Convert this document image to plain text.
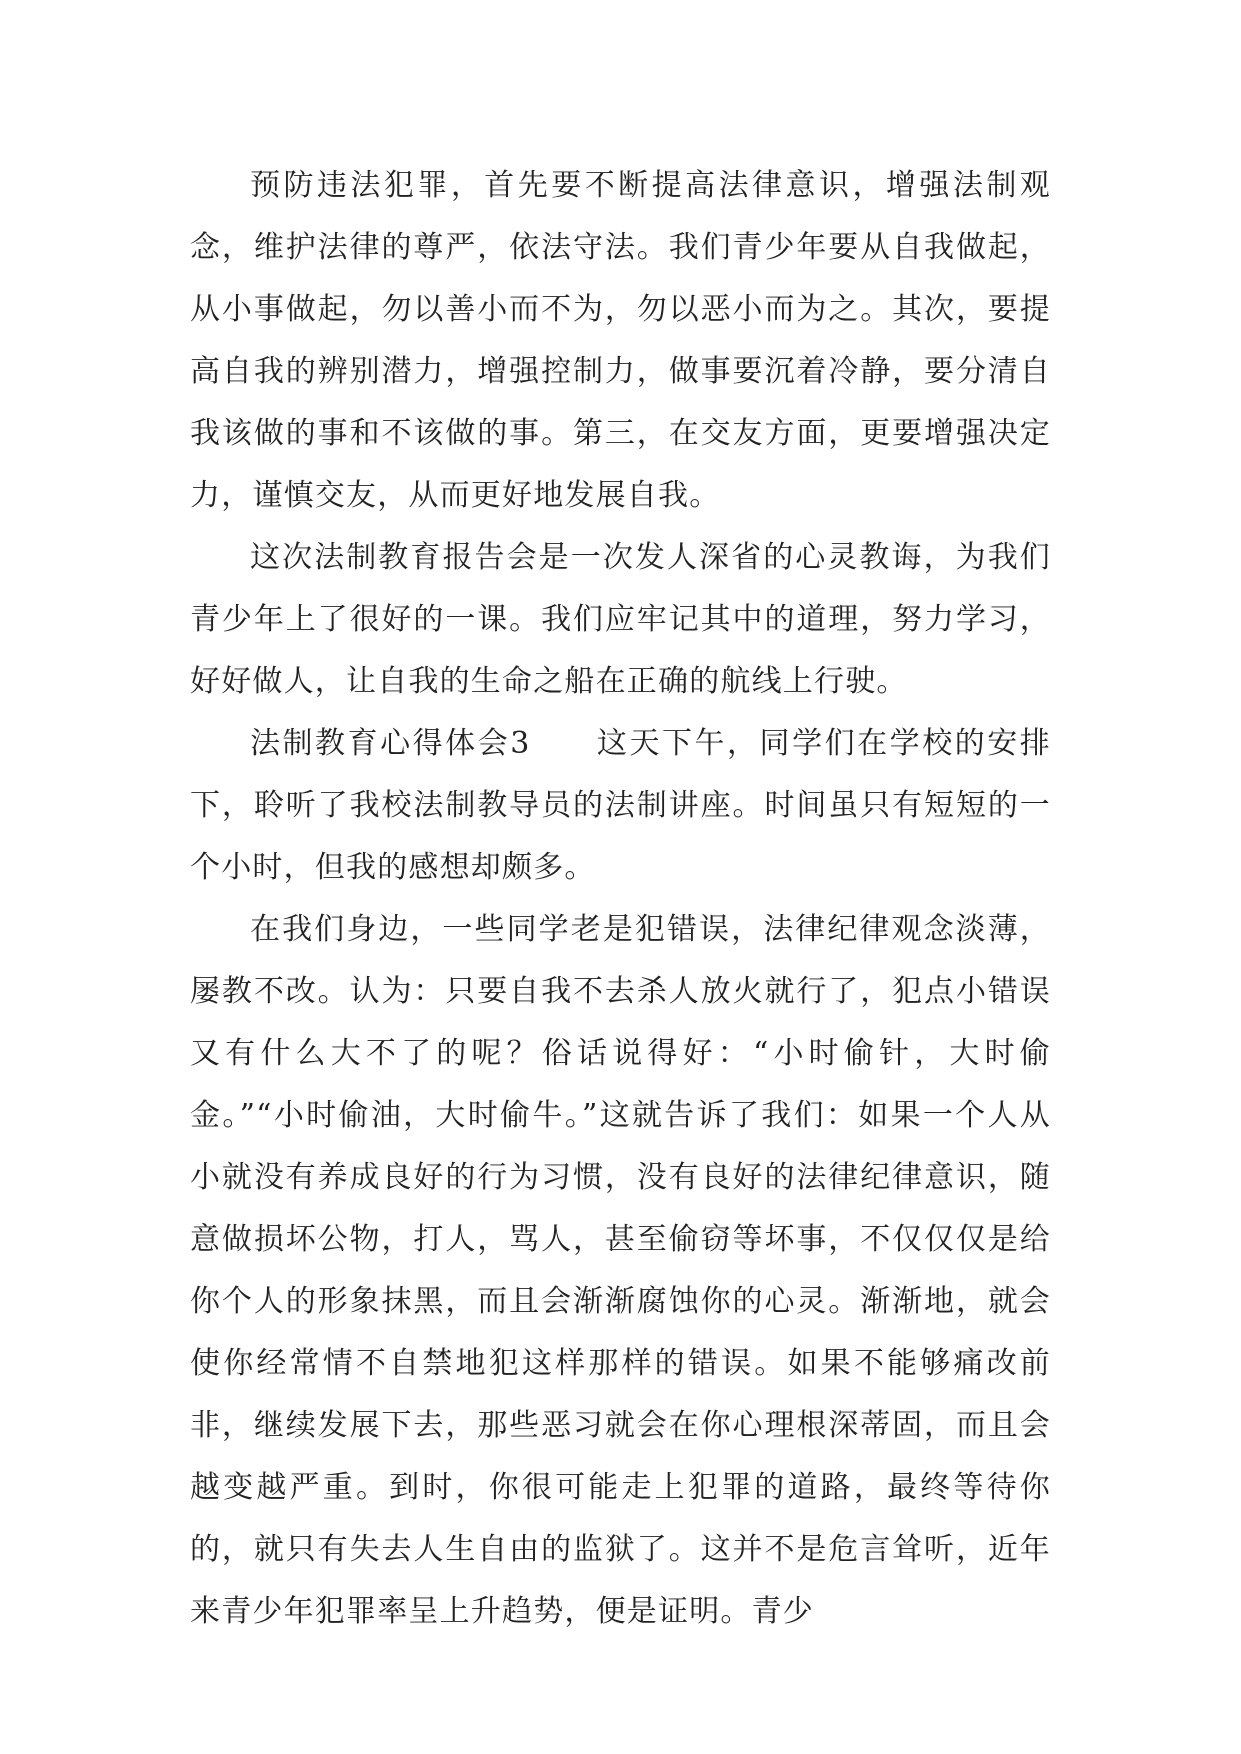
预防违法犯罪，首先要不断提高法律意识，增强法制观念，维护法律的尊严，依法守法。我们青少年要从自我做起，从小事做起，勿以善小而不为，勿以恶小而为之。其次，要提高自我的辨别潜力，增强控制力，做事要沉着冷静，要分清自我该做的事和不该做的事。第三，在交友方面，更要增强决定力，谨慎交友，从而更好地发展自我。

这次法制教育报告会是一次发人深省的心灵教诲，为我们青少年上了很好的一课。我们应牢记其中的道理，努力学习，好好做人，让自我的生命之船在正确的航线上行驶。

法制教育心得体会3　　这天下午，同学们在学校的安排下，聆听了我校法制教导员的法制讲座。时间虽只有短短的一个小时，但我的感想却颇多。

在我们身边，一些同学老是犯错误，法律纪律观念淡薄，屡教不改。认为：只要自我不去杀人放火就行了，犯点小错误又有什么大不了的呢？俗话说得好：“小时偷针，大时偷金。”“小时偷油，大时偷牛。”这就告诉了我们：如果一个人从小就没有养成良好的行为习惯，没有良好的法律纪律意识，随意做损坏公物，打人，骂人，甚至偷窃等坏事，不仅仅仅是给你个人的形象抹黑，而且会渐渐腐蚀你的心灵。渐渐地，就会使你经常情不自禁地犯这样那样的错误。如果不能够痛改前非，继续发展下去，那些恶习就会在你心理根深蒂固，而且会越变越严重。到时，你很可能走上犯罪的道路，最终等待你的，就只有失去人生自由的监狱了。这并不是危言耸听，近年来青少年犯罪率呈上升趋势，便是证明。青少
